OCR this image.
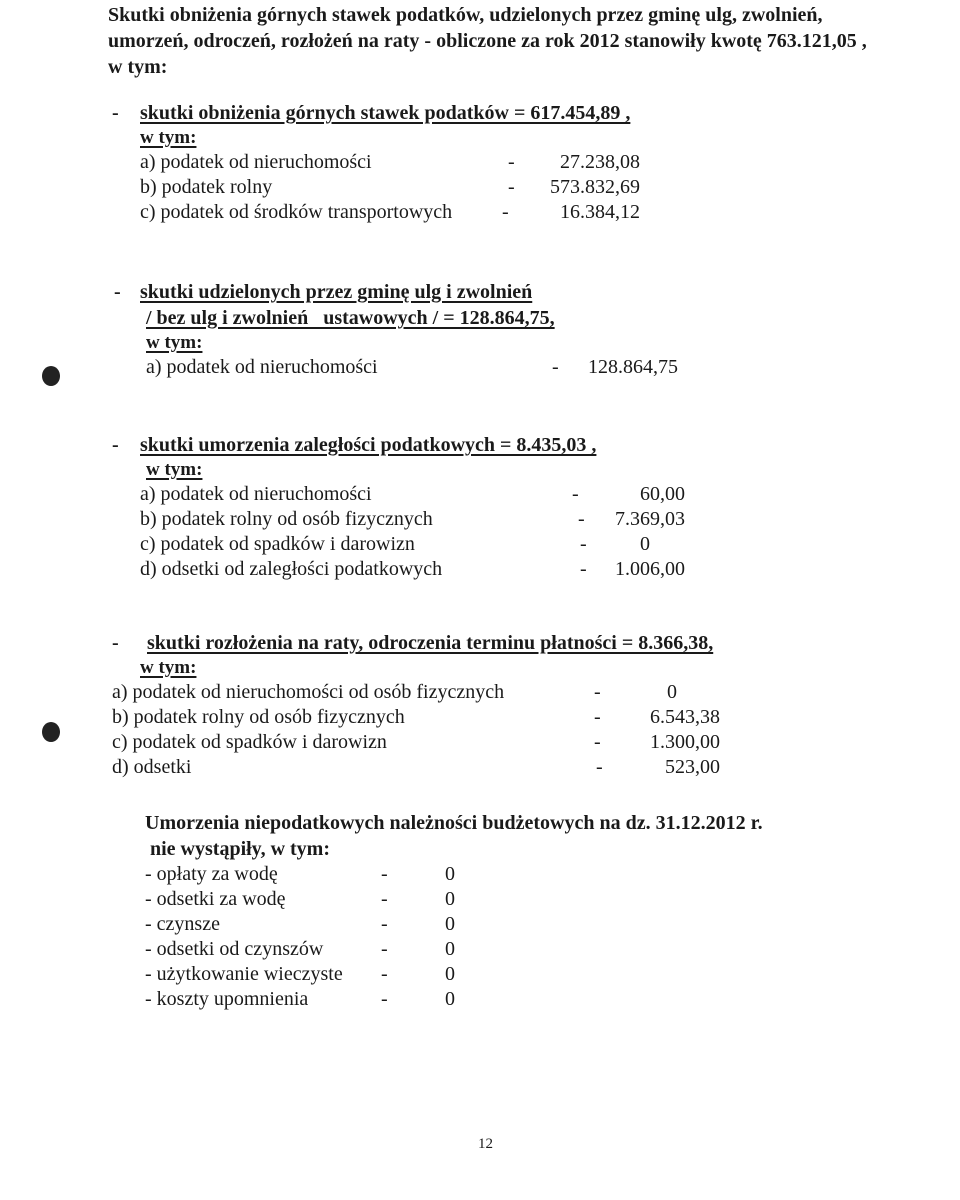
Skutki obniżenia górnych stawek podatków, udzielonych przez gminę ulg, zwolnień, umorzeń, odroczeń, rozłożeń na raty - obliczone za rok 2012 stanowiły kwotę 763.121,05 , w tym:
- skutki obniżenia górnych stawek podatków = 617.454,89 ,
w tym:
a) podatek od nieruchomości	-	27.238,08
b) podatek rolny	-	573.832,69
c) podatek od środków transportowych -	16.384,12
- skutki udzielonych przez gminę ulg i zwolnień
/ bez ulg i zwolnień   ustawowych / = 128.864,75,
w tym:
a) podatek od nieruchomości	-	128.864,75
- skutki umorzenia zaległości podatkowych = 8.435,03 ,
w tym:
a) podatek od nieruchomości	-	60,00
b) podatek rolny od osób fizycznych	-	7.369,03
c) podatek od spadków i darowizn	-	0
d) odsetki od zaległości podatkowych	-	1.006,00
- skutki rozłożenia na raty, odroczenia terminu płatności = 8.366,38,
w tym:
a) podatek od nieruchomości od osób fizycznych	-	0
b) podatek rolny od osób fizycznych	-	6.543,38
c) podatek od spadków i darowizn	-	1.300,00
d) odsetki	-	523,00
Umorzenia niepodatkowych należności budżetowych na dz. 31.12.2012 r.
nie wystąpiły, w tym:
- opłaty za wodę	-	0
- odsetki za wodę	-	0
- czynsze	-	0
- odsetki od czynszów	-	0
- użytkowanie wieczyste -	0
- koszty upomnienia	-	0
12
